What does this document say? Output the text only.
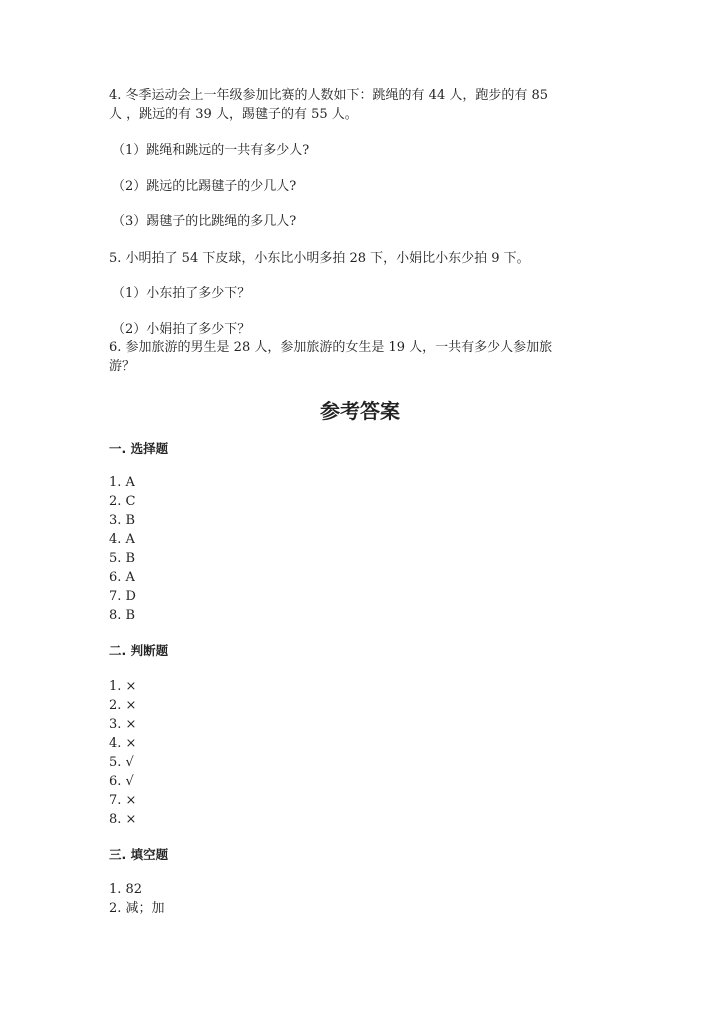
4. 冬季运动会上一年级参加比赛的人数如下：跳绳的有 44 人，跑步的有 85
人 ，跳远的有 39 人，踢毽子的有 55 人。
（1）跳绳和跳远的一共有多少人?
（2）跳远的比踢毽子的少几人?
（3）踢毽子的比跳绳的多几人?
5. 小明拍了 54 下皮球，小东比小明多拍 28 下，小娟比小东少拍 9 下。
（1）小东拍了多少下？
（2）小娟拍了多少下？
6. 参加旅游的男生是 28 人，参加旅游的女生是 19 人，一共有多少人参加旅
游？
参考答案
一. 选择题
二. 判断题
三. 填空题
1. A
2. C
3. B
4. A
5. B
6. A
7. D
8. B
1. ×
2. ×
3. ×
4. ×
5. √
6. √
7. ×
8. ×
1. 82
2. 减；加
